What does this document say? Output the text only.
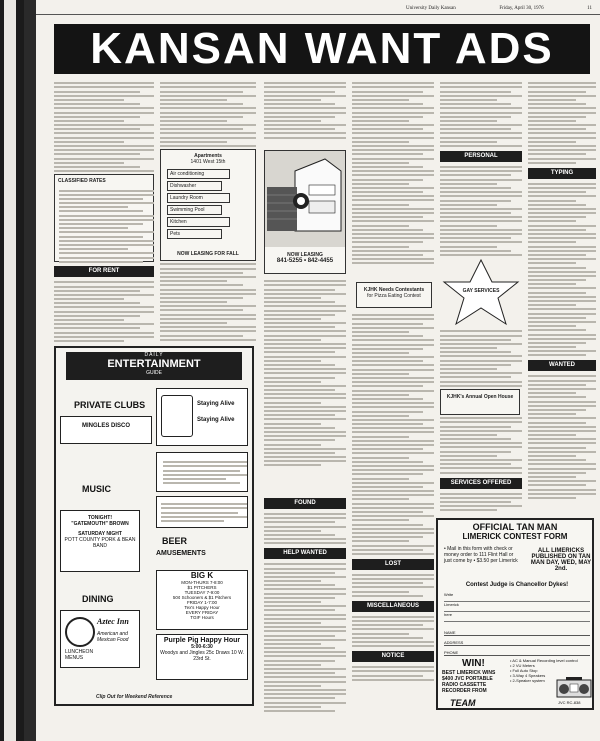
University Daily Kansan	Friday, April 30, 1976	11
KANSAN WANT ADS
CLASSIFIED RATES
FOR RENT
Apartments
1401 West 15th
Air conditioning
Dishwasher
Laundry Room
Swimming Pool
Kitchen
Pets
NOW LEASING FOR FALL	NOW LEASING
841-5255 • 842-4455
FOUND
HELP WANTED
KJHK Needs Contestants
for Pizza Eating Contest
LOST
MISCELLANEOUS
NOTICE
PERSONAL
GAY SERVICES
KJHK's Annual Open House
SERVICES OFFERED
TYPING
WANTED
DAILY
ENTERTAINMENT
GUIDE
PRIVATE CLUBS
MINGLES DISCO
Staying Alive
Staying Alive
MUSIC
TONIGHT!
"GATEMOUTH" BROWN
SATURDAY NIGHT
POTT COUNTY PORK & BEAN BAND	BEER
AMUSEMENTS
DINING
BIG K
MON-THURS 7-8:00
$1 PITCHERS
TUESDAY 7-9:00
50¢ Schooners & $1 Pitchers
FRIDAY 1-7:00
Tex's Happy Hour
EVERY FRIDAY
TGIF Hours
Aztec Inn
American and Mexican Food
LUNCHEON MENUS
Purple Pig Happy Hour
5:00-6:30
Woodys and Jingles 25c Draws 10 W. 23rd St.
Clip Out for Weekend Reference
OFFICIAL TAN MAN
LIMERICK CONTEST FORM
• Mail in this form with check or money order to 111 Flint Hall or just come by • $3.50 per Limerick
ALL LIMERICKS PUBLISHED ON TAN MAN DAY, WED, MAY 2nd.
Contest Judge is Chancellor Dykes!
Write
Limerick
here
NAME
ADDRESS
PHONE
WIN!
BEST LIMERICK WINS $400 JVC PORTABLE RADIO CASSETTE RECORDER FROM
TEAM
• AC & Manual Recording level control
• 2 VU Meters
• Full Auto Stop
• 3-Way 4 Speakers
• 2-Speaker system
JVC RC-838
